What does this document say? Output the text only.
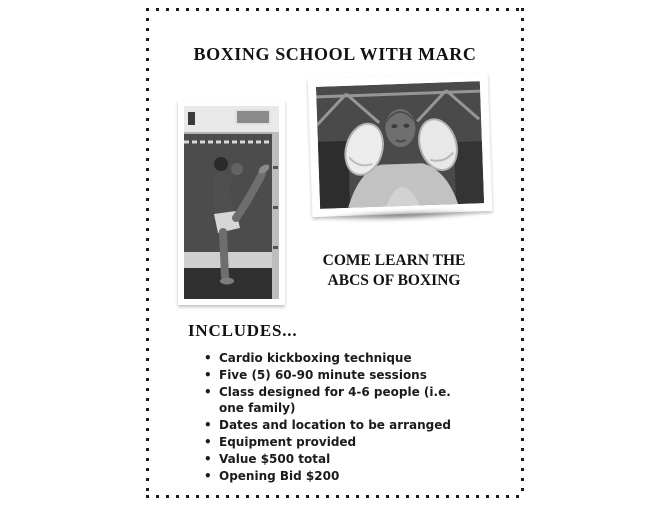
BOXING SCHOOL WITH MARC
COME LEARN THE
ABCS OF BOXING
INCLUDES...
• Cardio kickboxing technique
• Five (5) 60-90 minute sessions
• Class designed for 4-6 people (i.e. one family)
• Dates and location to be arranged
• Equipment provided
• Value $500 total
• Opening Bid $200
